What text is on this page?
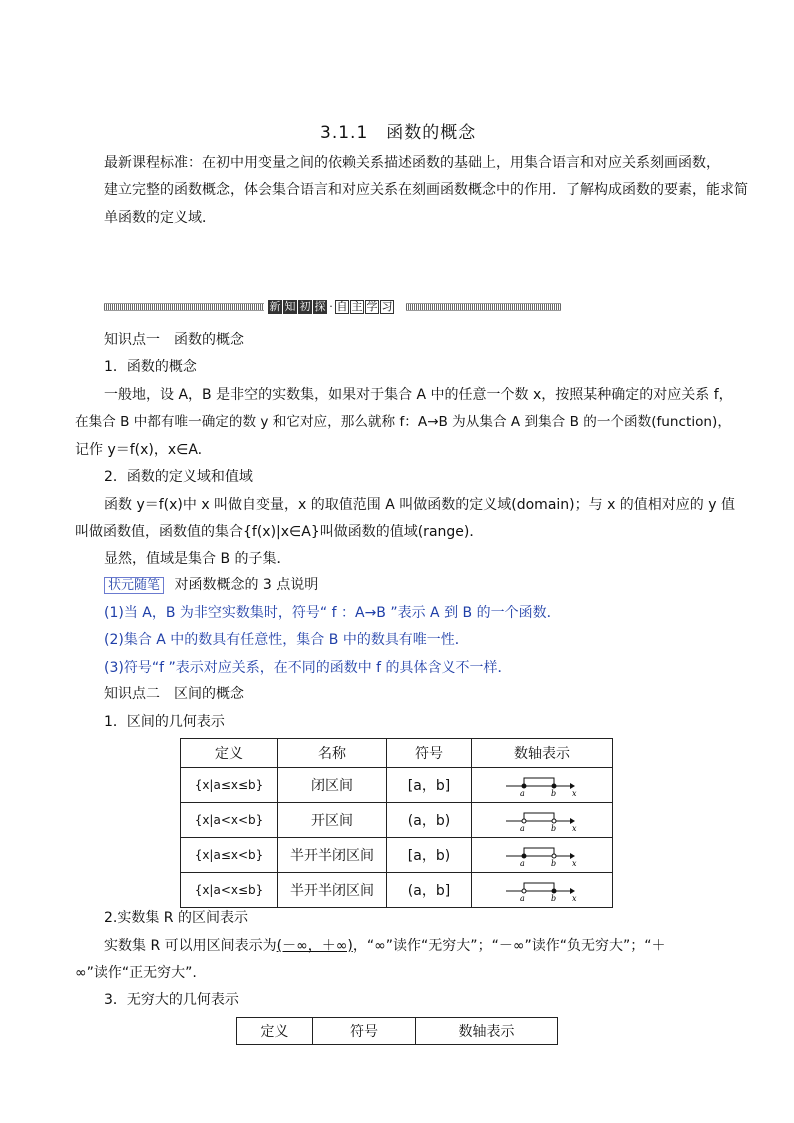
3.1.1　函数的概念
最新课程标准：在初中用变量之间的依赖关系描述函数的基础上，用集合语言和对应关系刻画函数，
建立完整的函数概念，体会集合语言和对应关系在刻画函数概念中的作用．了解构成函数的要素，能求简
单函数的定义域．
新 知 初 探 · 自 主 学 习
知识点一　函数的概念
1．函数的概念
一般地，设 A，B 是非空的实数集，如果对于集合 A 中的任意一个数 x，按照某种确定的对应关系 f，
在集合 B 中都有唯一确定的数 y 和它对应，那么就称 f：A→B 为从集合 A 到集合 B 的一个函数(function)，
记作 y＝f(x)，x∈A.
2．函数的定义域和值域
函数 y＝f(x)中 x 叫做自变量，x 的取值范围 A 叫做函数的定义域(domain)；与 x 的值相对应的 y 值
叫做函数值，函数值的集合{f(x)|x∈A}叫做函数的值域(range)．
显然，值域是集合 B 的子集．
状元随笔 对函数概念的 3 点说明
(1)当 A，B 为非空实数集时，符号“ f ：A→B ”表示 A 到 B 的一个函数．
(2)集合 A 中的数具有任意性，集合 B 中的数具有唯一性．
(3)符号“f ”表示对应关系，在不同的函数中 f 的具体含义不一样．
知识点二　区间的概念
1．区间的几何表示
定义	名称	符号	数轴表示
{x|a≤x≤b}	闭区间	[a，b]	a b x

{x|a<x<b}	开区间	(a，b)	a b x

{x|a≤x<b}	半开半闭区间	[a，b)	a b x

{x|a<x≤b}	半开半闭区间	(a，b]	a b x
2.实数集 R 的区间表示
实数集 R 可以用区间表示为(－∞，＋∞)，“∞”读作“无穷大”；“－∞”读作“负无穷大”；“＋
∞”读作“正无穷大”.
3．无穷大的几何表示
定义	符号	数轴表示
